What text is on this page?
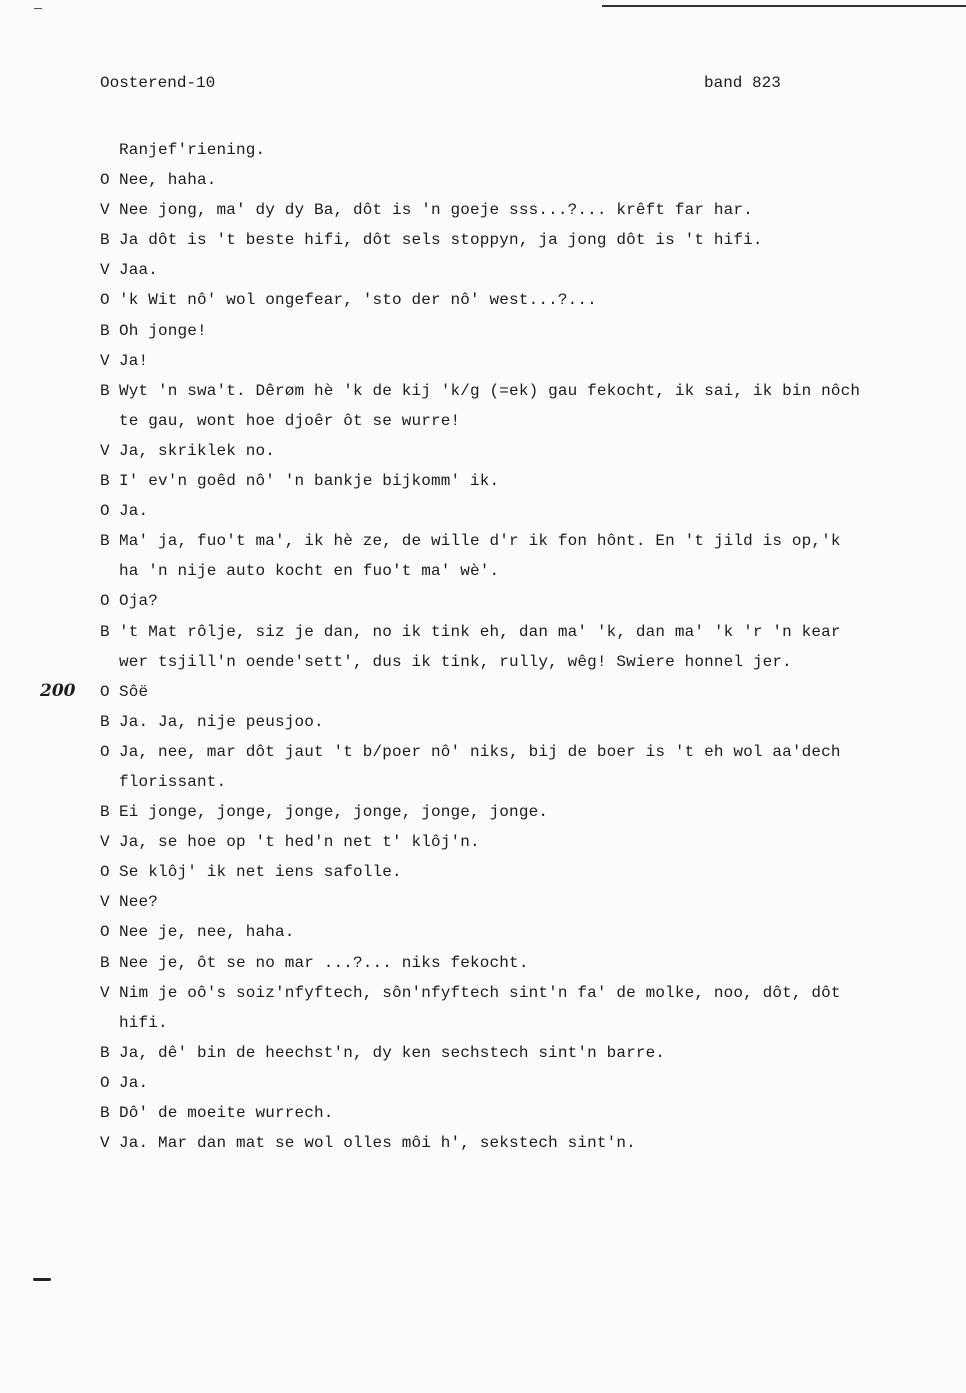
Oosterend-10	band 823
200
Ranjef'riening.
O Nee, haha.
V Nee jong, ma' dy dy Ba, dôt is 'n goeje sss...?... krêft far har.
B Ja dôt is 't beste hifi, dôt sels stoppyn, ja jong dôt is 't hifi.
V Jaa.
O 'k Wit nô' wol ongefear, 'sto der nô' west...?...
B Oh jonge!
V Ja!
B Wyt 'n swa't. Dêrøm hè 'k de kij 'k/g (=ek) gau fekocht, ik sai, ik bin nôch
te gau, wont hoe djoêr ôt se wurre!
V Ja, skriklek no.
B I' ev'n goêd nô' 'n bankje bijkomm' ik.
O Ja.
B Ma' ja, fuo't ma', ik hè ze, de wille d'r ik fon hônt. En 't jild is op,'k
ha 'n nije auto kocht en fuo't ma' wè'.
O Oja?
B 't Mat rôlje, siz je dan, no ik tink eh, dan ma' 'k, dan ma' 'k 'r 'n kear
wer tsjill'n oende'sett', dus ik tink, rully, wêg! Swiere honnel jer.
O Sôë
B Ja. Ja, nije peusjoo.
O Ja, nee, mar dôt jaut 't b/poer nô' niks, bij de boer is 't eh wol aa'dech
florissant.
B Ei jonge, jonge, jonge, jonge, jonge, jonge.
V Ja, se hoe op 't hed'n net t' klôj'n.
O Se klôj' ik net iens safolle.
V Nee?
O Nee je, nee, haha.
B Nee je, ôt se no mar ...?... niks fekocht.
V Nim je oô's soiz'nfyftech, sôn'nfyftech sint'n fa' de molke, noo, dôt, dôt
hifi.
B Ja, dê' bin de heechst'n, dy ken sechstech sint'n barre.
O Ja.
B Dô' de moeite wurrech.
V Ja. Mar dan mat se wol olles môi h', sekstech sint'n.
